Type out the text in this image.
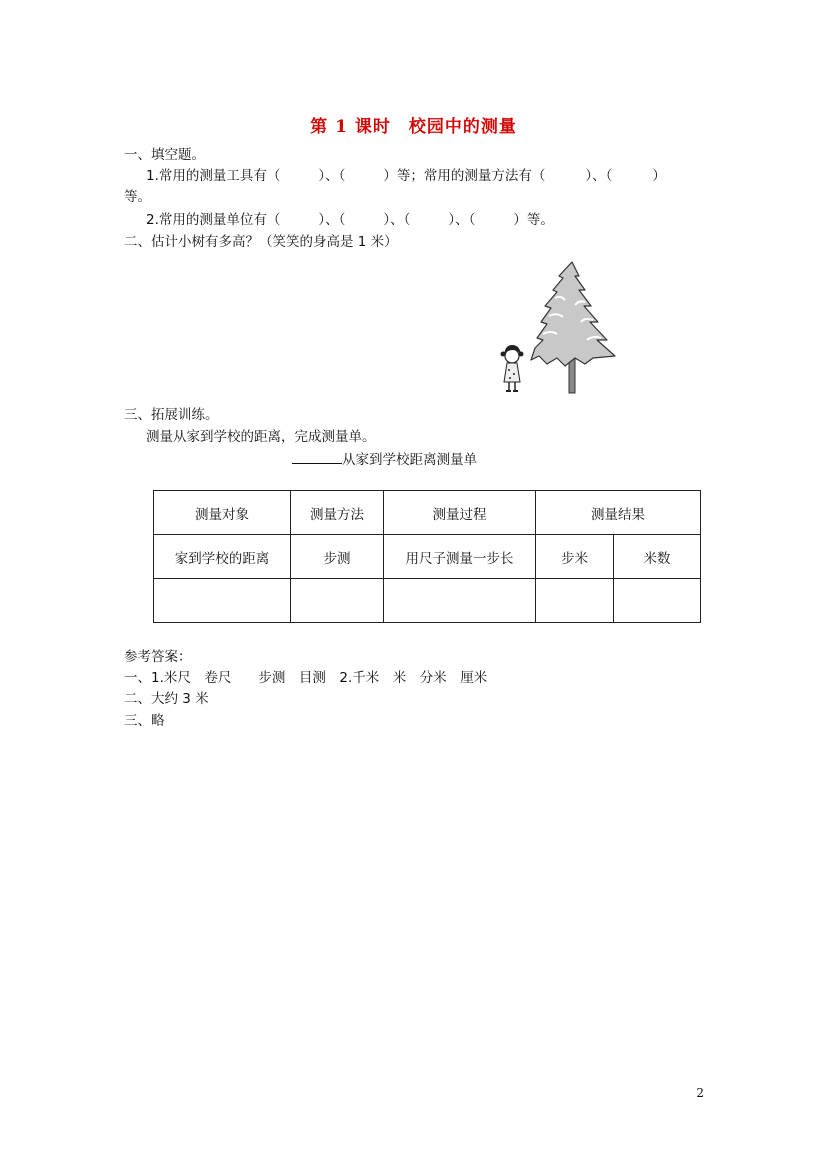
第 1 课时　校园中的测量
一、填空题。
1.常用的测量工具有（	）、（	）等；常用的测量方法有（	）、（	）
等。
2.常用的测量单位有（	）、（	）、（	）、（	）等。
二、估计小树有多高？（笑笑的身高是 1 米）
三、拓展训练。
测量从家到学校的距离，完成测量单。
从家到学校距离测量单
测量对象	测量方法	测量过程	测量结果	
家到学校的距离	步测	用尺子测量一步长	步米	米数

参考答案：
一、1.米尺　卷尺　　步测　目测　2.千米　米　分米　厘米
二、大约 3 米
三、略
2
